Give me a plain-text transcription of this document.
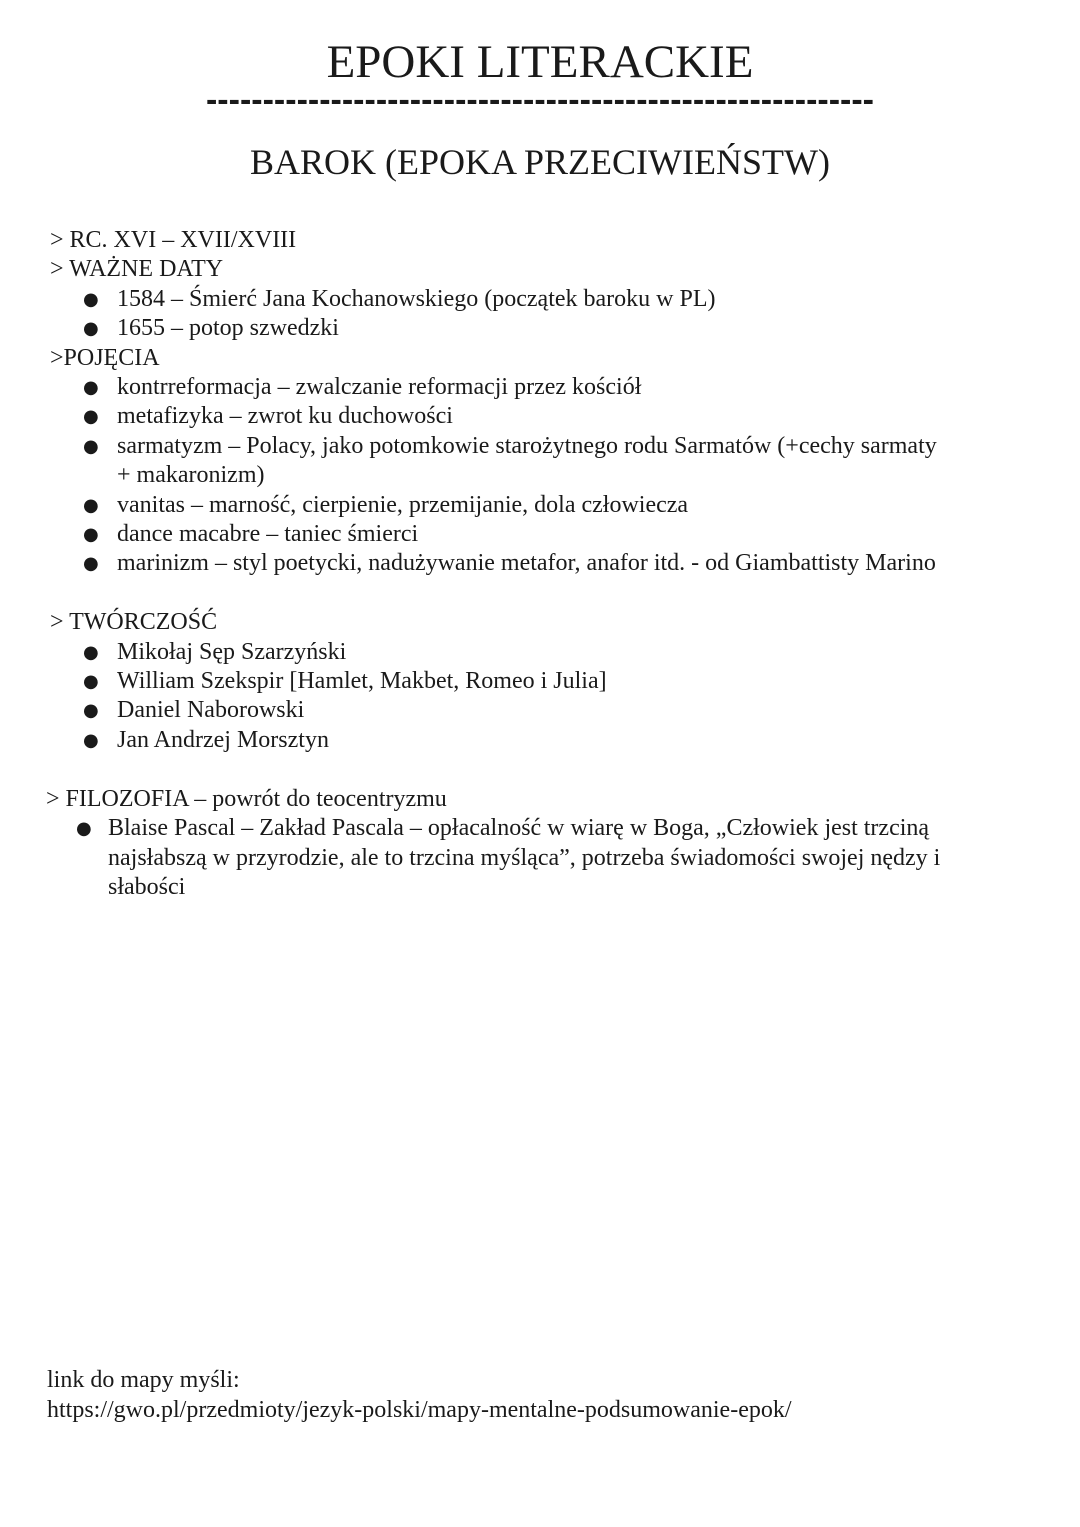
EPOKI LITERACKIE
-----------------------------------------------------------
BAROK (EPOKA PRZECIWIEŃSTW)
> RC. XVI – XVII/XVIII
> WAŻNE DATY
● 1584 – Śmierć Jana Kochanowskiego (początek baroku w PL)
● 1655 – potop szwedzki
>POJĘCIA
● kontrreformacja – zwalczanie reformacji przez kościół
● metafizyka – zwrot ku duchowości
● sarmatyzm – Polacy, jako potomkowie starożytnego rodu Sarmatów (+cechy sarmaty + makaronizm)
● vanitas – marność, cierpienie, przemijanie, dola człowiecza
● dance macabre – taniec śmierci
● marinizm – styl poetycki, nadużywanie metafor, anafor itd. - od Giambattisty Marino
> TWÓRCZOŚĆ
● Mikołaj Sęp Szarzyński
● William Szekspir [Hamlet, Makbet, Romeo i Julia]
● Daniel Naborowski
● Jan Andrzej Morsztyn
> FILOZOFIA – powrót do teocentryzmu
● Blaise Pascal – Zakład Pascala – opłacalność w wiarę w Boga, „Człowiek jest trzciną najsłabszą w przyrodzie, ale to trzcina myśląca”, potrzeba świadomości swojej nędzy i słabości
link do mapy myśli:
https://gwo.pl/przedmioty/jezyk-polski/mapy-mentalne-podsumowanie-epok/
